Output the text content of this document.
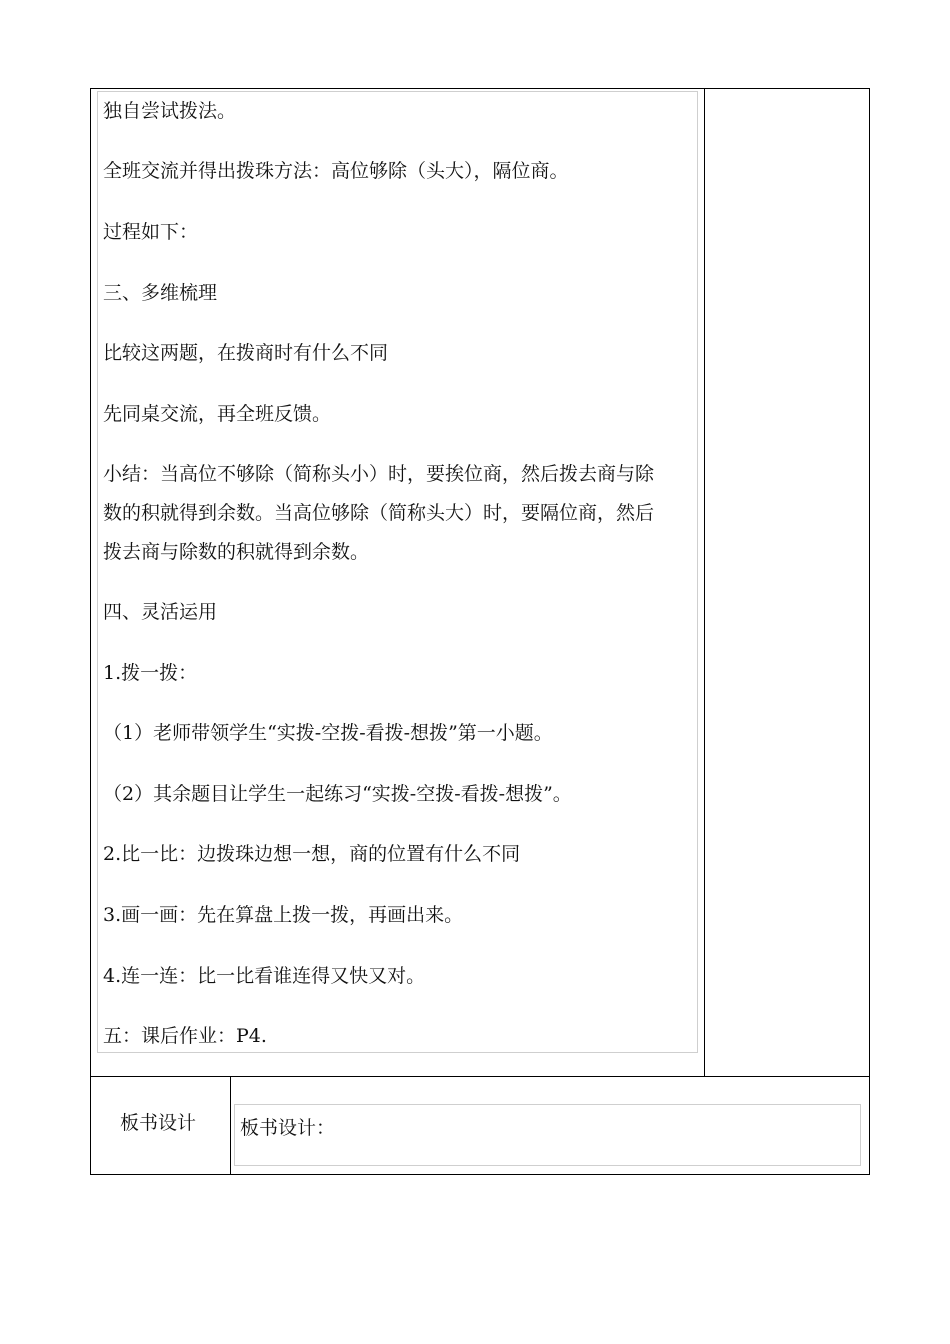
独自尝试拨法。
全班交流并得出拨珠方法：高位够除（头大），隔位商。
过程如下：
三、多维梳理
比较这两题，在拨商时有什么不同
先同桌交流，再全班反馈。
小结：当高位不够除（简称头小）时，要挨位商，然后拨去商与除
数的积就得到余数。当高位够除（简称头大）时，要隔位商，然后
拨去商与除数的积就得到余数。
四、灵活运用
1.拨一拨：
（1）老师带领学生“实拨-空拨-看拨-想拨”第一小题。
（2）其余题目让学生一起练习“实拨-空拨-看拨-想拨”。
2.比一比：边拨珠边想一想，商的位置有什么不同
3.画一画：先在算盘上拨一拨，再画出来。
4.连一连：比一比看谁连得又快又对。
五：课后作业：P4.
板书设计 板书设计：
